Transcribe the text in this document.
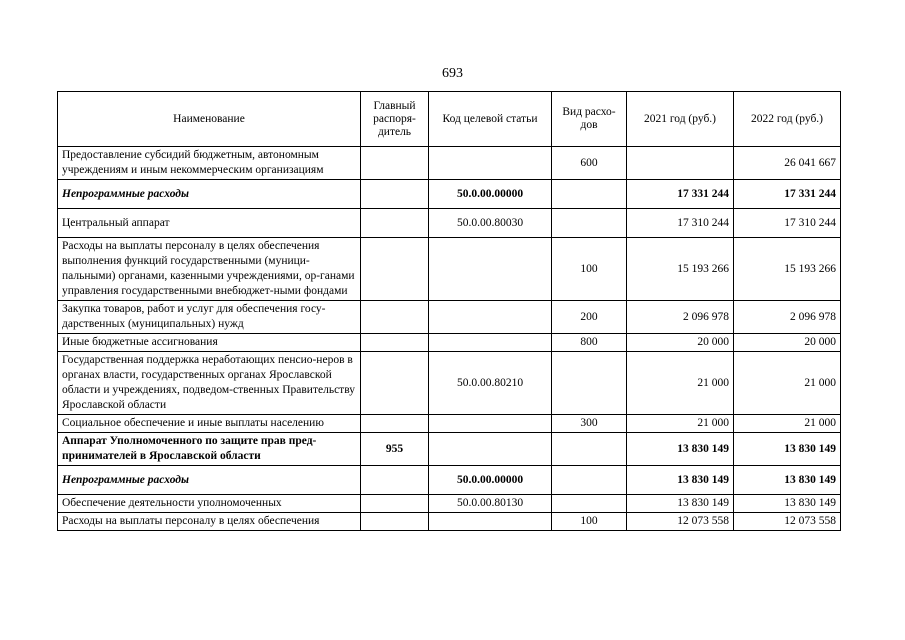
693
Наименование	Главный распоря-дитель	Код целевой статьи	Вид расхо-дов	2021 год (руб.)	2022 год (руб.)
Предоставление субсидий бюджетным, автономным учреждениям и иным некоммерческим организациям			600		26 041 667
Непрограммные расходы		50.0.00.00000		17 331 244	17 331 244
Центральный аппарат		50.0.00.80030		17 310 244	17 310 244
Расходы на выплаты персоналу в целях обеспечения выполнения функций государственными (муници-пальными) органами, казенными учреждениями, ор-ганами управления государственными внебюджет-ными фондами			100	15 193 266	15 193 266
Закупка товаров, работ и услуг для обеспечения госу-дарственных (муниципальных) нужд			200	2 096 978	2 096 978
Иные бюджетные ассигнования			800	20 000	20 000
Государственная поддержка неработающих пенсио-неров в органах власти, государственных органах Ярославской области и учреждениях, подведом-ственных Правительству Ярославской области		50.0.00.80210		21 000	21 000
Социальное обеспечение и иные выплаты населению			300	21 000	21 000
Аппарат Уполномоченного по защите прав пред-принимателей в Ярославской области	955			13 830 149	13 830 149
Непрограммные расходы		50.0.00.00000		13 830 149	13 830 149
Обеспечение деятельности уполномоченных		50.0.00.80130		13 830 149	13 830 149
Расходы на выплаты персоналу в целях обеспечения			100	12 073 558	12 073 558
